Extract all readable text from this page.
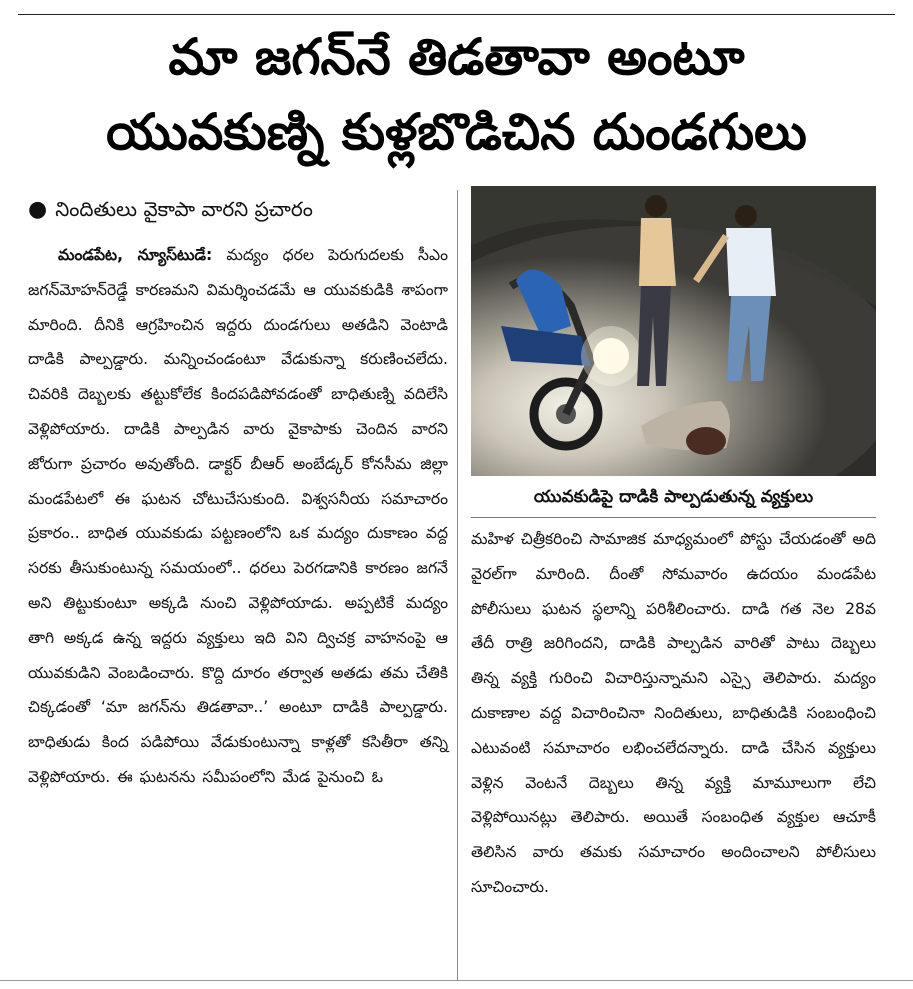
మా జగన్‌నే తిడతావా అంటూ
యువకుణ్ని కుళ్లబొడిచిన దుండగులు
● నిందితులు వైకాపా వారని ప్రచారం

మండపేట, న్యూస్‌టుడే: మద్యం ధరల పెరుగుదలకు సీఎం జగన్‌మోహన్‌రెడ్డే కారణమని విమర్శించడమే ఆ యువకుడికి శాపంగా మారింది. దీనికి ఆగ్రహించిన ఇద్దరు దుండగులు అతడిని వెంటాడి దాడికి పాల్పడ్డారు. మన్నించండంటూ వేడుకున్నా కరుణించలేదు. చివరికి దెబ్బలకు తట్టుకోలేక కిందపడిపోవడంతో బాధితుణ్ని వదిలేసి వెళ్లిపోయారు. దాడికి పాల్పడిన వారు వైకాపాకు చెందిన వారని జోరుగా ప్రచారం అవుతోంది. డాక్టర్ బీఆర్ అంబేడ్కర్ కోనసీమ జిల్లా మండపేటలో ఈ ఘటన చోటుచేసుకుంది. విశ్వసనీయ సమాచారం ప్రకారం.. బాధిత యువకుడు పట్టణంలోని ఒక మద్యం దుకాణం వద్ద సరకు తీసుకుంటున్న సమయంలో.. ధరలు పెరగడానికి కారణం జగనే అని తిట్టుకుంటూ అక్కడి నుంచి వెళ్లిపోయాడు. అప్పటికే మద్యం తాగి అక్కడ ఉన్న ఇద్దరు వ్యక్తులు ఇది విని ద్విచక్ర వాహనంపై ఆ యువకుడిని వెంబడించారు. కొద్ది దూరం తర్వాత అతడు తమ చేతికి చిక్కడంతో ‘మా జగన్‌ను తిడతావా..’ అంటూ దాడికి పాల్పడ్డారు. బాధితుడు కింద పడిపోయి వేడుకుంటున్నా కాళ్లతో కసితీరా తన్ని వెళ్లిపోయారు. ఈ ఘటనను సమీపంలోని మేడ పైనుంచి ఓ

యువకుడిపై దాడికి పాల్పడుతున్న వ్యక్తులు

మహిళ చిత్రీకరించి సామాజిక మాధ్యమంలో పోస్టు చేయడంతో అది వైరల్‌గా మారింది. దీంతో సోమవారం ఉదయం మండపేట పోలీసులు ఘటన స్థలాన్ని పరిశీలించారు. దాడి గత నెల 28వ తేదీ రాత్రి జరిగిందని, దాడికి పాల్పడిన వారితో పాటు దెబ్బలు తిన్న వ్యక్తి గురించి విచారిస్తున్నామని ఎస్సై తెలిపారు. మద్యం దుకాణాల వద్ద విచారించినా నిందితులు, బాధితుడికి సంబంధించి ఎటువంటి సమాచారం లభించలేదన్నారు. దాడి చేసిన వ్యక్తులు వెళ్లిన వెంటనే దెబ్బలు తిన్న వ్యక్తి మామూలుగా లేచి వెళ్లిపోయినట్లు తెలిపారు. అయితే సంబంధిత వ్యక్తుల ఆచూకీ తెలిసిన వారు తమకు సమాచారం అందించాలని పోలీసులు సూచించారు.
